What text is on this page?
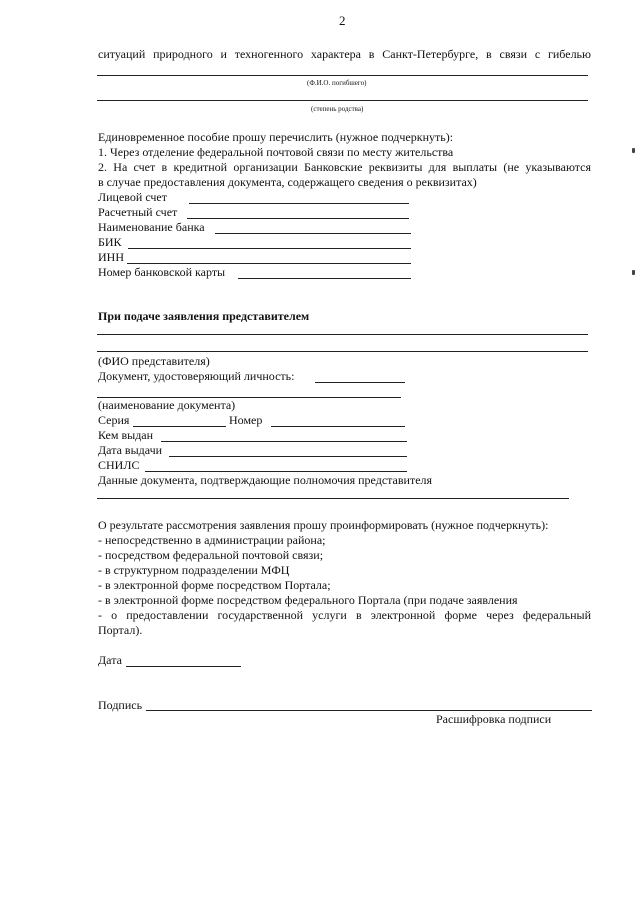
2
ситуаций природного и техногенного характера в Санкт-Петербурге, в связи с гибелью
(Ф.И.О. погибшего)
(степень родства)
Единовременное пособие прошу перечислить (нужное подчеркнуть):
1. Через отделение федеральной почтовой связи по месту жительства
2. На счет в кредитной организации Банковские реквизиты для выплаты (не указываются
в случае предоставления документа, содержащего сведения о реквизитах)
Лицевой счет
Расчетный счет
Наименование банка
БИК
ИНН
Номер банковской карты
При подаче заявления представителем
(ФИО представителя)
Документ, удостоверяющий личность:
(наименование документа)
Серия	Номер
Кем выдан
Дата выдачи
СНИЛС
Данные документа, подтверждающие полномочия представителя
О результате рассмотрения заявления прошу проинформировать (нужное подчеркнуть):
- непосредственно в администрации района;
- посредством федеральной почтовой связи;
- в структурном подразделении МФЦ
- в электронной форме посредством Портала;
- в электронной форме посредством федерального Портала (при подаче заявления
- о предоставлении государственной услуги в электронной форме через федеральный
Портал).
Дата
Подпись
Расшифровка подписи
